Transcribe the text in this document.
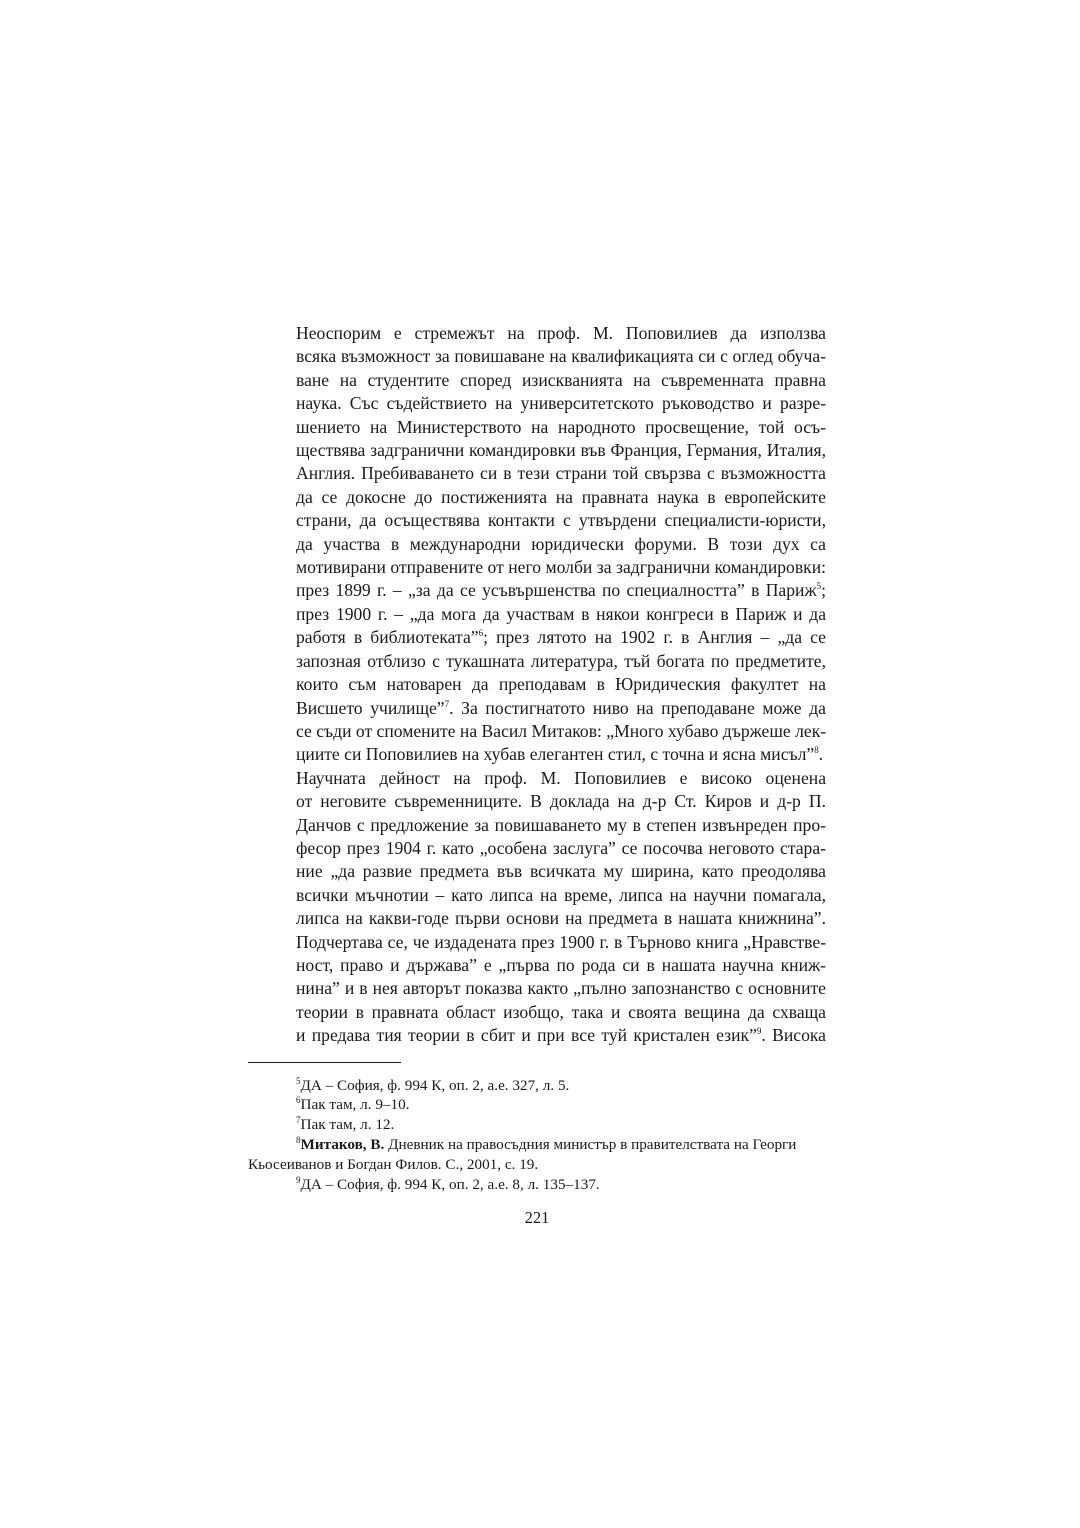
Неоспорим е стремежът на проф. М. Поповилиев да използва
всяка възможност за повишаване на квалификацията си с оглед обуча-
ване на студентите според изискванията на съвременната правна
наука. Със съдействието на университетското ръководство и разре-
шението на Министерството на народното просвещение, той осъ-
ществява задгранични командировки във Франция, Германия, Италия,
Англия. Пребиваването си в тези страни той свързва с възможността
да се докосне до постиженията на правната наука в европейските
страни, да осъществява контакти с утвърдени специалисти-юристи,
да участва в международни юридически форуми. В този дух са
мотивирани отправените от него молби за задгранични командировки:
през 1899 г. – „за да се усъвършенства по специалността” в Париж$^5$;
през 1900 г. – „да мога да участвам в някои конгреси в Париж и да
работя в библиотеката”$^6$; през лятото на 1902 г. в Англия – „да се
запозная отблизо с тукашната литература, тъй богата по предметите,
които съм натоварен да преподавам в Юридическия факултет на
Висшето училище”$^7$. За постигнатото ниво на преподаване може да
се съди от спомените на Васил Митаков: „Много хубаво държеше лек-
циите си Поповилиев на хубав елегантен стил, с точна и ясна мисъл”$^8$.

Научната дейност на проф. М. Поповилиев е високо оценена
от неговите съвременниците. В доклада на д-р Ст. Киров и д-р П.
Данчов с предложение за повишаването му в степен извънреден про-
фесор през 1904 г. като „особена заслуга” се посочва неговото стара-
ние „да развие предмета във всичката му ширина, като преодолява
всички мъчнотии – като липса на време, липса на научни помагала,
липса на какви-годе първи основи на предмета в нашата книжнина”.
Подчертава се, че издадената през 1900 г. в Търново книга „Нравстве-
ност, право и държава” е „първа по рода си в нашата научна книж-
нина” и в нея авторът показва както „пълно запознанство с основните
теории в правната област изобщо, така и своята вещина да схваща
и предава тия теории в сбит и при все туй кристален език”$^9$. Висока

$^5$ДА – София, ф. 994 К, оп. 2, а.е. 327, л. 5.

$^6$Пак там, л. 9–10.

$^7$Пак там, л. 12.

$^8$Митаков, В. Дневник на правосъдния министър в правителствата на Георги Кьосеиванов и Богдан Филов. С., 2001, с. 19.

$^9$ДА – София, ф. 994 К, оп. 2, а.е. 8, л. 135–137.

221
